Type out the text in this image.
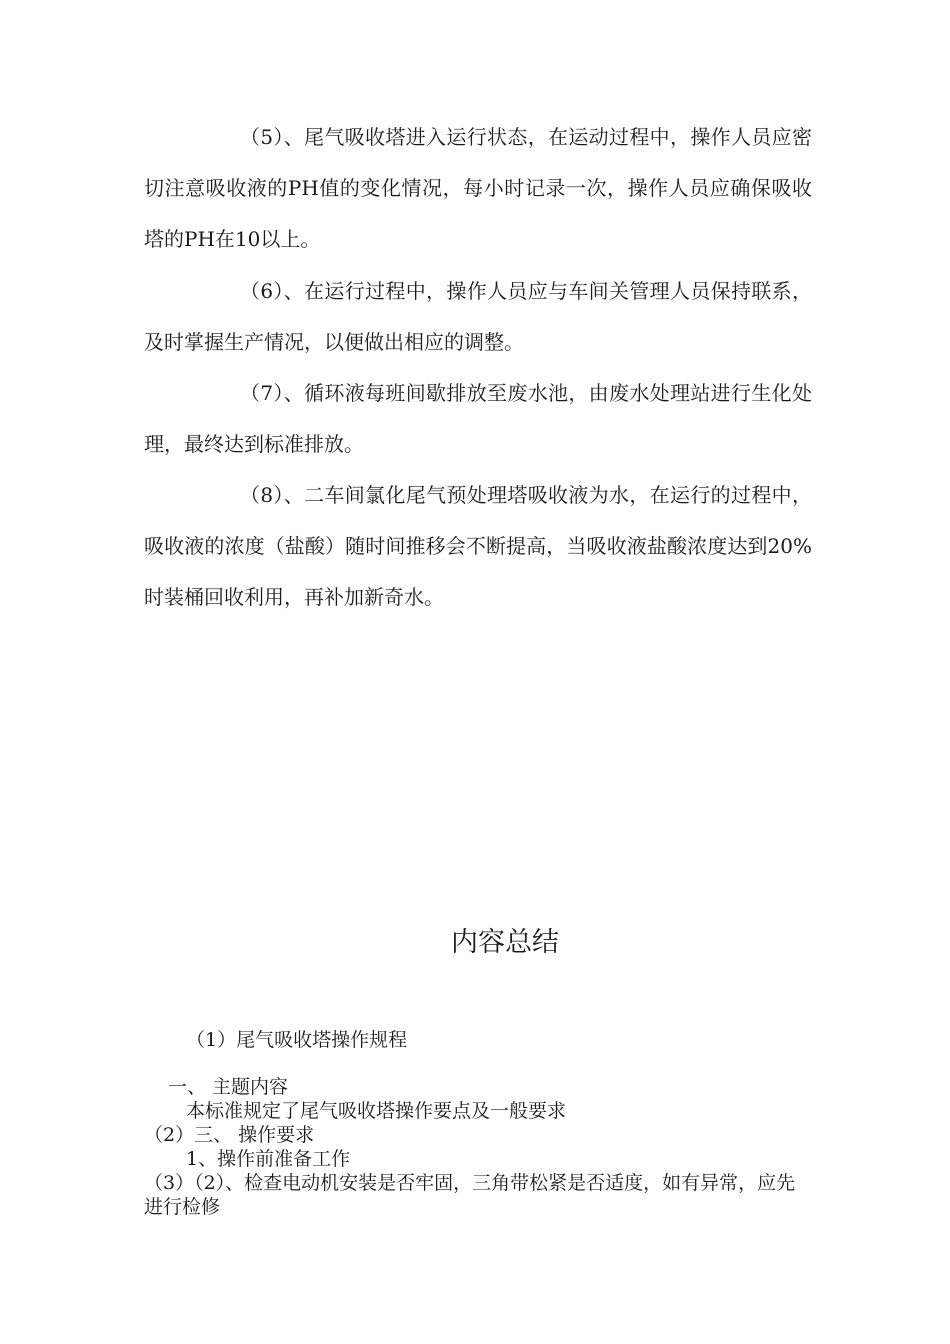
（5）、尾气吸收塔进入运行状态，在运动过程中，操作人员应密切注意吸收液的PH值的变化情况，每小时记录一次，操作人员应确保吸收塔的PH在10以上。

（6）、在运行过程中，操作人员应与车间关管理人员保持联系，及时掌握生产情况，以便做出相应的调整。

（7）、循环液每班间歇排放至废水池，由废水处理站进行生化处理，最终达到标准排放。

（8）、二车间氯化尾气预处理塔吸收液为水，在运行的过程中，吸收液的浓度（盐酸）随时间推移会不断提高，当吸收液盐酸浓度达到20%时装桶回收利用，再补加新奇水。

内容总结

（1）尾气吸收塔操作规程

一、 主题内容

本标准规定了尾气吸收塔操作要点及一般要求

（2）三、 操作要求

1、操作前准备工作

（3）（2）、检查电动机安装是否牢固，三角带松紧是否适度，如有异常，应先进行检修
